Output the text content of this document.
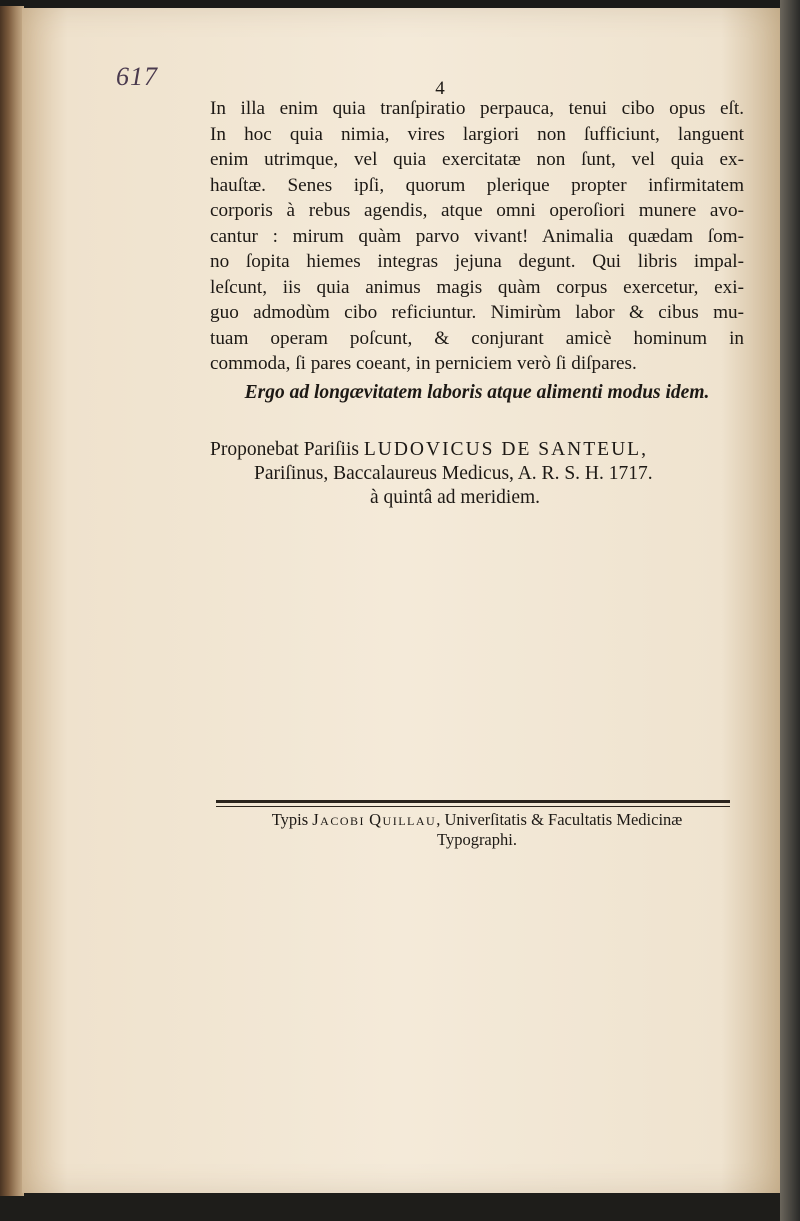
617	4
In illa enim quia tranſpiratio perpauca, tenui cibo opus eſt.
In hoc quia nimia, vires largiori non ſufficiunt, languent
enim utrimque, vel quia exercitatæ non ſunt, vel quia ex-
hauſtæ. Senes ipſi, quorum plerique propter infirmitatem
corporis à rebus agendis, atque omni operoſiori munere avo-
cantur : mirum quàm parvo vivant! Animalia quædam ſom-
no ſopita hiemes integras jejuna degunt. Qui libris impal-
leſcunt, iis quia animus magis quàm corpus exercetur, exi-
guo admodùm cibo reficiuntur. Nimirùm labor & cibus mu-
tuam operam poſcunt, & conjurant amicè hominum in
commoda, ſi pares coeant, in perniciem verò ſi diſpares.
Ergo ad longævitatem laboris atque alimenti modus idem.
Proponebat Pariſiis LUDOVICUS DE SANTEUL,
Pariſinus, Baccalaureus Medicus, A. R. S. H. 1717.
à quintâ ad meridiem.
Typis Jacobi Quillau, Univerſitatis & Facultatis Medicinæ
Typographi.
